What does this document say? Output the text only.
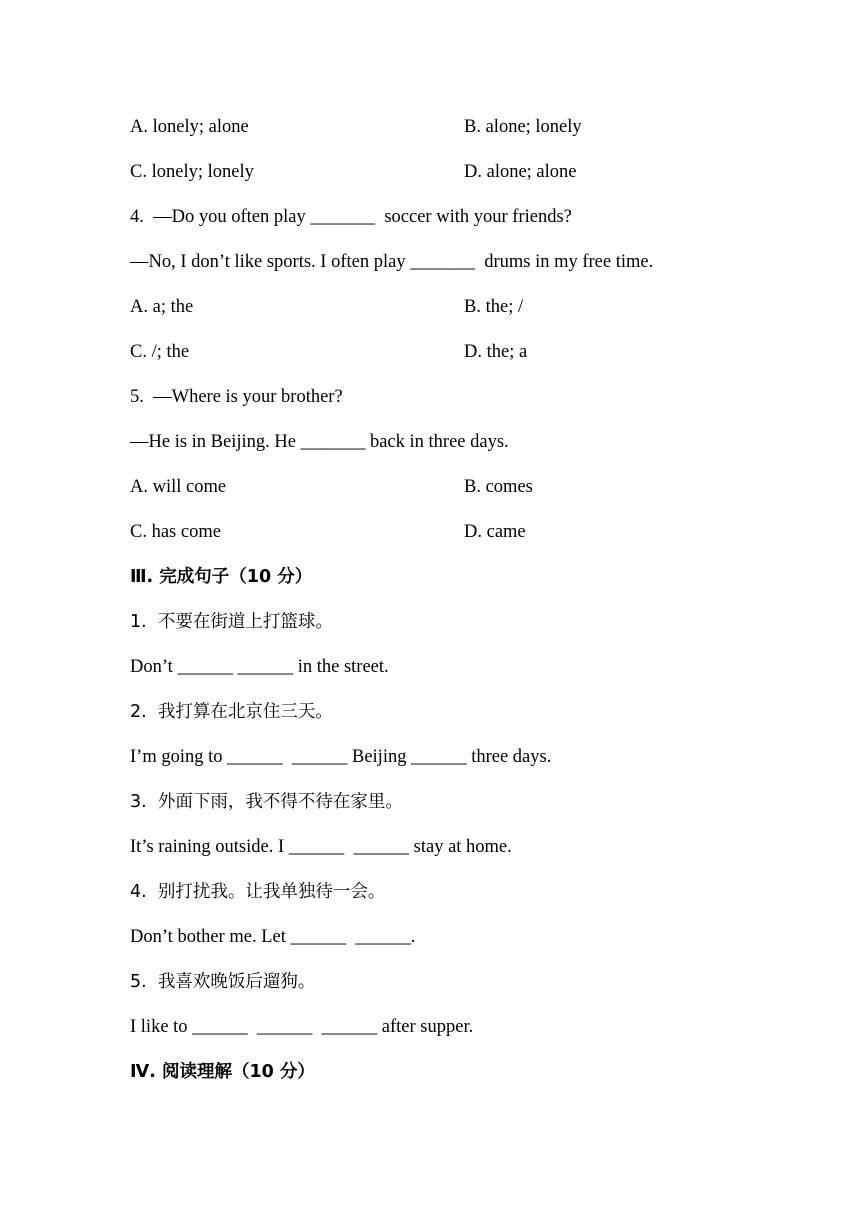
A. lonely; alone	B. alone; lonely
C. lonely; lonely	D. alone; alone
4.  —Do you often play _______  soccer with your friends?
—No, I don’t like sports. I often play _______  drums in my free time.
A. a; the	B. the; /
C. /; the	D. the; a
5.  —Where is your brother?
—He is in Beijing. He _______ back in three days.
A. will come	B. comes
C. has come	D. came
Ⅲ. 完成句子（10 分）
1.  不要在街道上打篮球。
Don’t ______ ______ in the street.
2.  我打算在北京住三天。
I’m going to ______  ______ Beijing ______ three days.
3.  外面下雨，我不得不待在家里。
It’s raining outside. I ______  ______ stay at home.
4.  别打扰我。让我单独待一会。
Don’t bother me. Let ______  ______.
5.  我喜欢晚饭后遛狗。
I like to ______  ______  ______ after supper.
Ⅳ. 阅读理解（10 分）
